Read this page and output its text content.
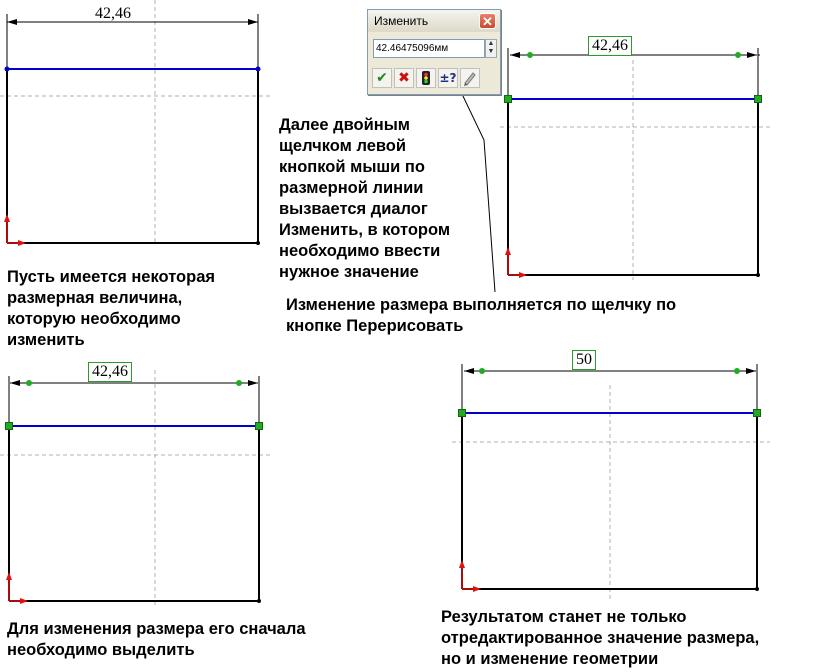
42,46
42,46
42,46
50
Изменить	✕
42.46475096мм	▲
▼
✔ ✖	±?
Пусть имеется некоторая
размерная величина,
которую необходимо
изменить
Далее двойным
щелчком левой
кнопкой мыши по
размерной линии
вызвается диалог
Изменить, в котором
необходимо ввести
нужное значение
Изменение размера выполняется по щелчку по
кнопке Перерисовать
Для изменения размера его сначала
необходимо выделить
Результатом станет не только
отредактированное значение размера,
но и изменение геометрии
